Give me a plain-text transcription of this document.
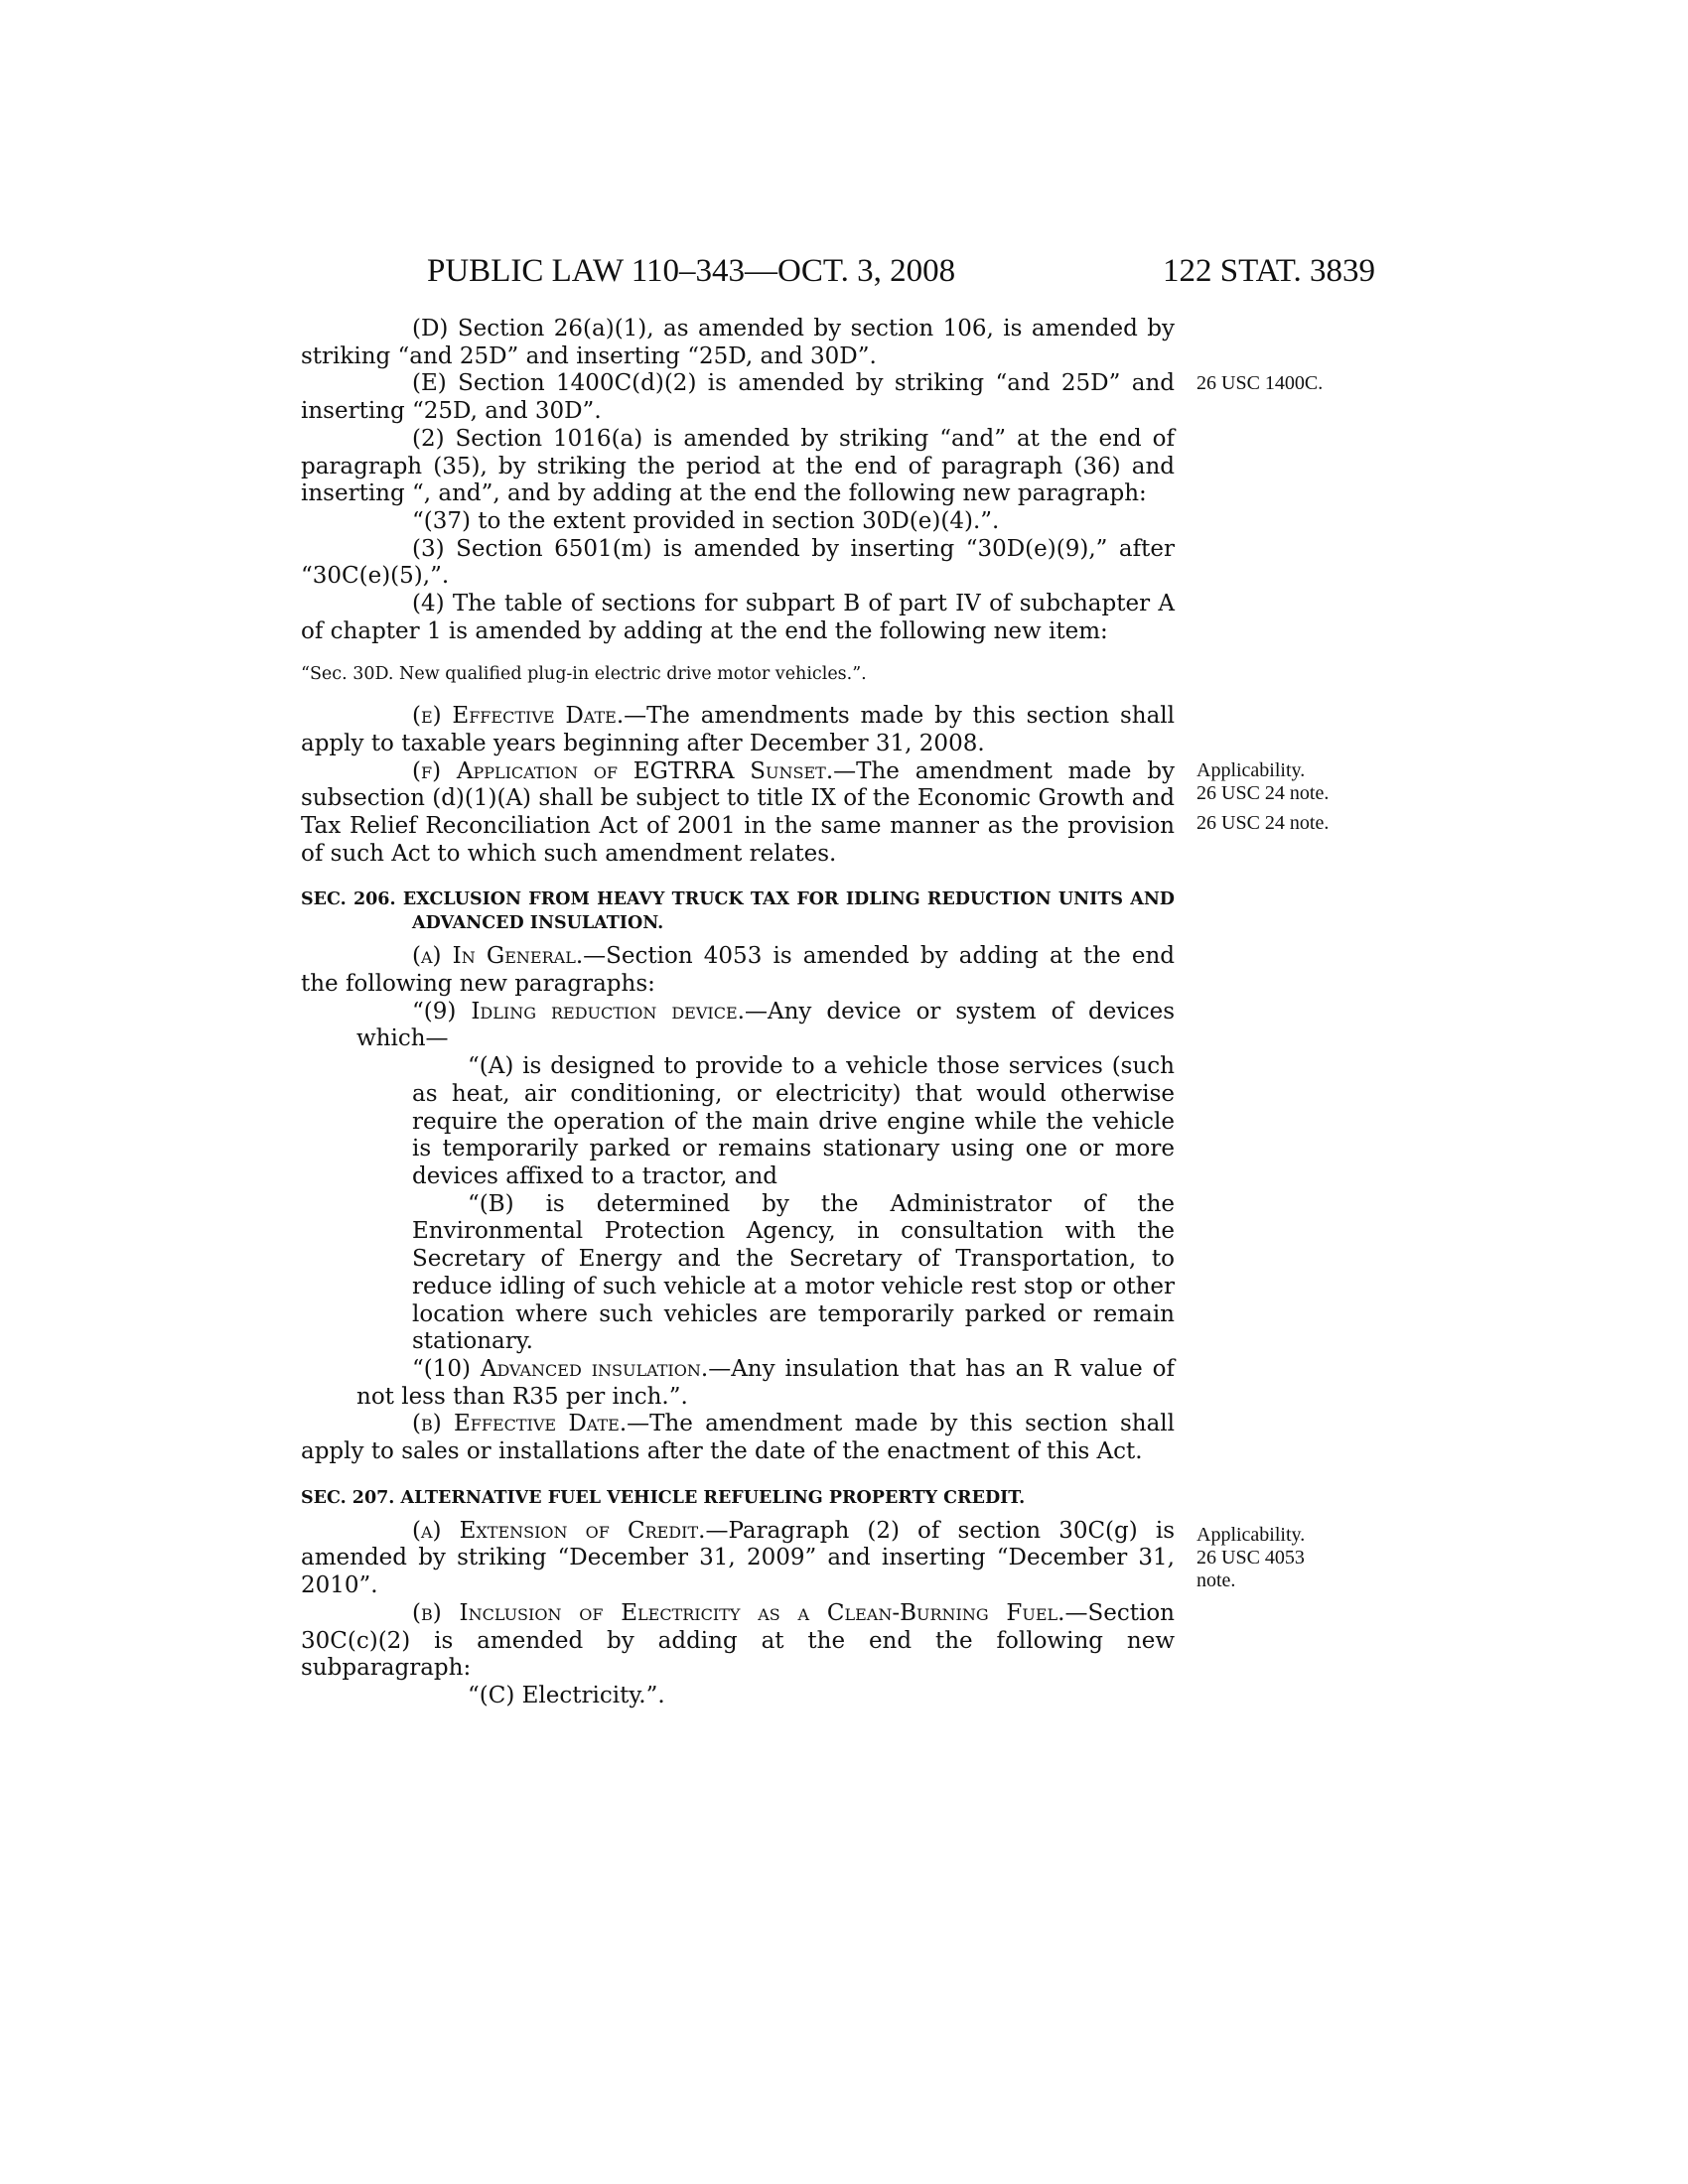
PUBLIC LAW 110–343—OCT. 3, 2008	122 STAT. 3839

(D) Section 26(a)(1), as amended by section 106, is amended by striking “and 25D” and inserting “25D, and 30D”.

(E) Section 1400C(d)(2) is amended by striking “and 25D” and inserting “25D, and 30D”.

(2) Section 1016(a) is amended by striking “and” at the end of paragraph (35), by striking the period at the end of paragraph (36) and inserting “, and”, and by adding at the end the following new paragraph:

“(37) to the extent provided in section 30D(e)(4).”.

(3) Section 6501(m) is amended by inserting “30D(e)(9),” after “30C(e)(5),”.

(4) The table of sections for subpart B of part IV of subchapter A of chapter 1 is amended by adding at the end the following new item:

“Sec. 30D. New qualified plug-in electric drive motor vehicles.”.

(e) Effective Date.—The amendments made by this section shall apply to taxable years beginning after December 31, 2008.

(f) Application of EGTRRA Sunset.—The amendment made by subsection (d)(1)(A) shall be subject to title IX of the Economic Growth and Tax Relief Reconciliation Act of 2001 in the same manner as the provision of such Act to which such amendment relates.

SEC. 206. EXCLUSION FROM HEAVY TRUCK TAX FOR IDLING REDUCTION UNITS AND ADVANCED INSULATION.

(a) In General.—Section 4053 is amended by adding at the end the following new paragraphs:

“(9) Idling reduction device.—Any device or system of devices which—

“(A) is designed to provide to a vehicle those services (such as heat, air conditioning, or electricity) that would otherwise require the operation of the main drive engine while the vehicle is temporarily parked or remains stationary using one or more devices affixed to a tractor, and

“(B) is determined by the Administrator of the Environmental Protection Agency, in consultation with the Secretary of Energy and the Secretary of Transportation, to reduce idling of such vehicle at a motor vehicle rest stop or other location where such vehicles are temporarily parked or remain stationary.

“(10) Advanced insulation.—Any insulation that has an R value of not less than R35 per inch.”.

(b) Effective Date.—The amendment made by this section shall apply to sales or installations after the date of the enactment of this Act.

SEC. 207. ALTERNATIVE FUEL VEHICLE REFUELING PROPERTY CREDIT.

(a) Extension of Credit.—Paragraph (2) of section 30C(g) is amended by striking “December 31, 2009” and inserting “December 31, 2010”.

(b) Inclusion of Electricity as a Clean-Burning Fuel.—Section 30C(c)(2) is amended by adding at the end the following new subparagraph:

“(C) Electricity.”.

26 USC 1400C.
Applicability.
26 USC 24 note.
26 USC 24 note.
Applicability.
26 USC 4053
note.
